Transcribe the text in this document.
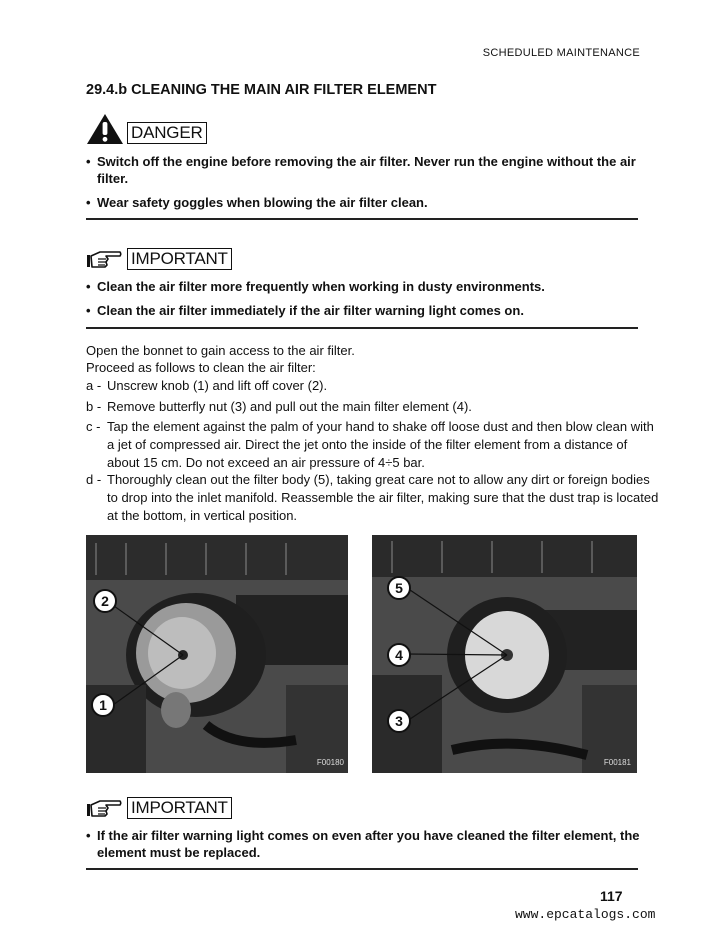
SCHEDULED MAINTENANCE
29.4.b CLEANING THE MAIN AIR FILTER ELEMENT
DANGER
• Switch off the engine before removing the air filter. Never run the engine without the air filter.
• Wear safety goggles when blowing the air filter clean.
IMPORTANT
• Clean the air filter more frequently when working in dusty environments.
• Clean the air filter immediately if the air filter warning light comes on.
Open the bonnet to gain access to the air filter.
Proceed as follows to clean the air filter:
a - Unscrew knob (1) and lift off cover (2).
b - Remove butterfly nut (3) and pull out the main filter element (4).
c - Tap the element against the palm of your hand to shake off loose dust and then blow clean with a jet of compressed air. Direct the jet onto the inside of the filter element from a distance of about 15 cm. Do not exceed an air pressure of 4÷5 bar.
d - Thoroughly clean out the filter body (5), taking great care not to allow any dirt or foreign bodies to drop into the inlet manifold. Reassemble the air filter, making sure that the dust trap is located at the bottom, in vertical position.
2
1
F00180
5
4
3
F00181
IMPORTANT
• If the air filter warning light comes on even after you have cleaned the filter element, the element must be replaced.
117
www.epcatalogs.com
